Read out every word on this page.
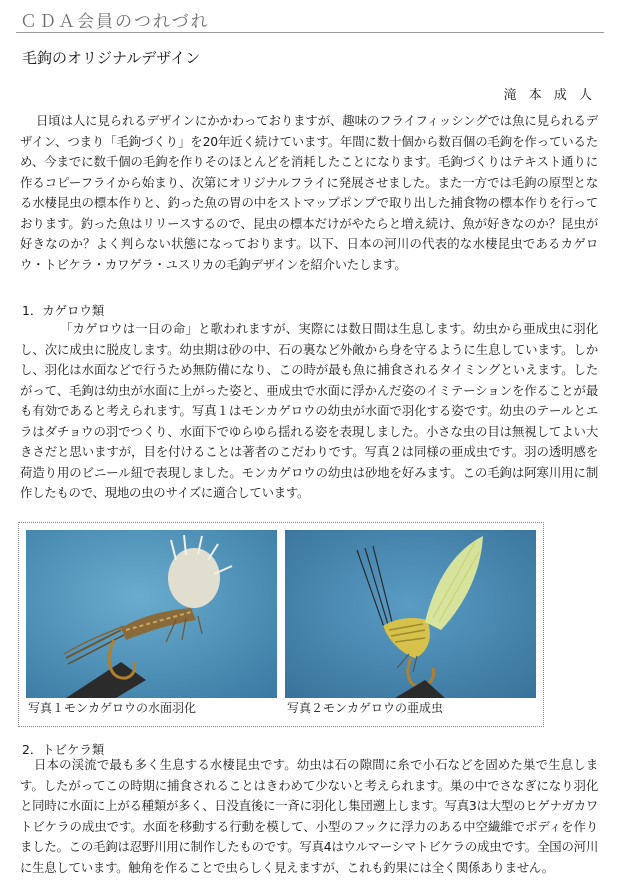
ＣＤＡ会員のつれづれ
毛鉤のオリジナルデザイン
滝 本 成 人
日頃は人に見られるデザインにかかわっておりますが、趣味のフライフィッシングでは魚に見られるデザイン、つまり「毛鉤づくり」を20年近く続けています。年間に数十個から数百個の毛鉤を作っているため、今までに数千個の毛鉤を作りそのほとんどを消耗したことになります。毛鉤づくりはテキスト通りに作るコピーフライから始まり、次第にオリジナルフライに発展させました。また一方では毛鉤の原型となる水棲昆虫の標本作りと、釣った魚の胃の中をストマップポンプで取り出した捕食物の標本作りを行っております。釣った魚はリリースするので、昆虫の標本だけがやたらと増え続け、魚が好きなのか？昆虫が好きなのか？よく判らない状態になっております。以下、日本の河川の代表的な水棲昆虫であるカゲロウ・トビケラ・カワゲラ・ユスリカの毛鉤デザインを紹介いたします。
1．カゲロウ類
「カゲロウは一日の命」と歌われますが、実際には数日間は生息します。幼虫から亜成虫に羽化し、次に成虫に脱皮します。幼虫期は砂の中、石の裏など外敵から身を守るように生息しています。しかし、羽化は水面などで行うため無防備になり、この時が最も魚に捕食されるタイミングといえます。したがって、毛鉤は幼虫が水面に上がった姿と、亜成虫で水面に浮かんだ姿のイミテーションを作ることが最も有効であると考えられます。写真１はモンカゲロウの幼虫が水面で羽化する姿です。幼虫のテールとエラはダチョウの羽でつくり、水面下でゆらゆら揺れる姿を表現しました。小さな虫の目は無視してよい大きさだと思いますが，目を付けることは著者のこだわりです。写真２は同様の亜成虫です。羽の透明感を荷造り用のビニール紐で表現しました。モンカゲロウの幼虫は砂地を好みます。この毛鉤は阿寒川用に制作したもので、現地の虫のサイズに適合しています。
写真１モンカゲロウの水面羽化	写真２モンカゲロウの亜成虫
2．トビケラ類
日本の渓流で最も多く生息する水棲昆虫です。幼虫は石の隙間に糸で小石などを固めた巣で生息します。したがってこの時期に捕食されることはきわめて少ないと考えられます。巣の中でさなぎになり羽化と同時に水面に上がる種類が多く、日没直後に一斉に羽化し集団遡上します。写真3は大型のヒゲナガカワトビケラの成虫です。水面を移動する行動を模して、小型のフックに浮力のある中空繊維でボディを作りました。この毛鉤は忍野川用に制作したものです。写真4はウルマーシマトビケラの成虫です。全国の河川に生息しています。触角を作ることで虫らしく見えますが、これも釣果には全く関係ありません。
